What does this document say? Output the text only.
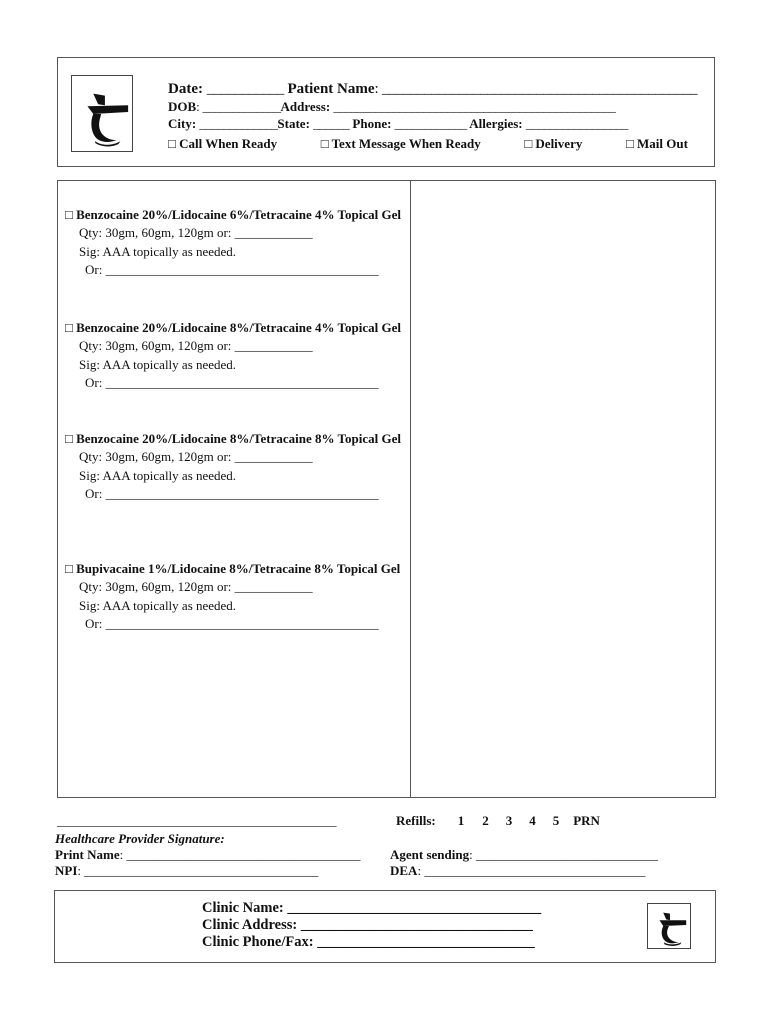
Date: ___________ Patient Name: _____________________________________________
DOB: _____________Address: _______________________________________________
City: _____________State: ______ Phone: ____________ Allergies: _________________
□ Call When Ready	□ Text Message When Ready	□ Delivery	□ Mail Out
□ Benzocaine 20%/Lidocaine 6%/Tetracaine 4% Topical Gel
Qty: 30gm, 60gm, 120gm or: ____________
Sig: AAA topically as needed.
Or: __________________________________________
□ Benzocaine 20%/Lidocaine 8%/Tetracaine 4% Topical Gel
Qty: 30gm, 60gm, 120gm or: ____________
Sig: AAA topically as needed.
Or: __________________________________________
□ Benzocaine 20%/Lidocaine 8%/Tetracaine 8% Topical Gel
Qty: 30gm, 60gm, 120gm or: ____________
Sig: AAA topically as needed.
Or: __________________________________________
□ Bupivacaine 1%/Lidocaine 8%/Tetracaine 8% Topical Gel
Qty: 30gm, 60gm, 120gm or: ____________
Sig: AAA topically as needed.
Or: __________________________________________
___________________________________________
Healthcare Provider Signature:
Print Name: ____________________________________
NPI: ____________________________________
Refills: 1 2 3 4 5 PRN
Agent sending: ____________________________
DEA: __________________________________
Clinic Name: ___________________________________
Clinic Address: ________________________________
Clinic Phone/Fax: ______________________________
